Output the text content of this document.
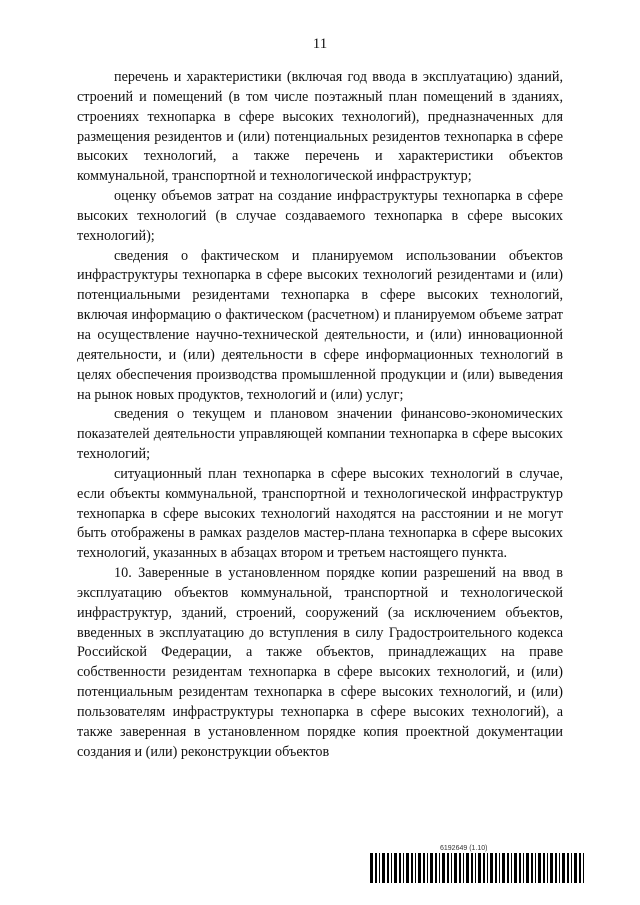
11

перечень и характеристики (включая год ввода в эксплуатацию) зданий, строений и помещений (в том числе поэтажный план помещений в зданиях, строениях технопарка в сфере высоких технологий), предназначенных для размещения резидентов и (или) потенциальных резидентов технопарка в сфере высоких технологий, а также перечень и характеристики объектов коммунальной, транспортной и технологической инфраструктур;

оценку объемов затрат на создание инфраструктуры технопарка в сфере высоких технологий (в случае создаваемого технопарка в сфере высоких технологий);

сведения о фактическом и планируемом использовании объектов инфраструктуры технопарка в сфере высоких технологий резидентами и (или) потенциальными резидентами технопарка в сфере высоких технологий, включая информацию о фактическом (расчетном) и планируемом объеме затрат на осуществление научно-технической деятельности, и (или) инновационной деятельности, и (или) деятельности в сфере информационных технологий в целях обеспечения производства промышленной продукции и (или) выведения на рынок новых продуктов, технологий и (или) услуг;

сведения о текущем и плановом значении финансово-экономических показателей деятельности управляющей компании технопарка в сфере высоких технологий;

ситуационный план технопарка в сфере высоких технологий в случае, если объекты коммунальной, транспортной и технологической инфраструктур технопарка в сфере высоких технологий находятся на расстоянии и не могут быть отображены в рамках разделов мастер-плана технопарка в сфере высоких технологий, указанных в абзацах втором и третьем настоящего пункта.

10. Заверенные в установленном порядке копии разрешений на ввод в эксплуатацию объектов коммунальной, транспортной и технологической инфраструктур, зданий, строений, сооружений (за исключением объектов, введенных в эксплуатацию до вступления в силу Градостроительного кодекса Российской Федерации, а также объектов, принадлежащих на праве собственности резидентам технопарка в сфере высоких технологий, и (или) потенциальным резидентам технопарка в сфере высоких технологий, и (или) пользователям инфраструктуры технопарка в сфере высоких технологий), а также заверенная в установленном порядке копия проектной документации создания и (или) реконструкции объектов

6192649 (1.10)
